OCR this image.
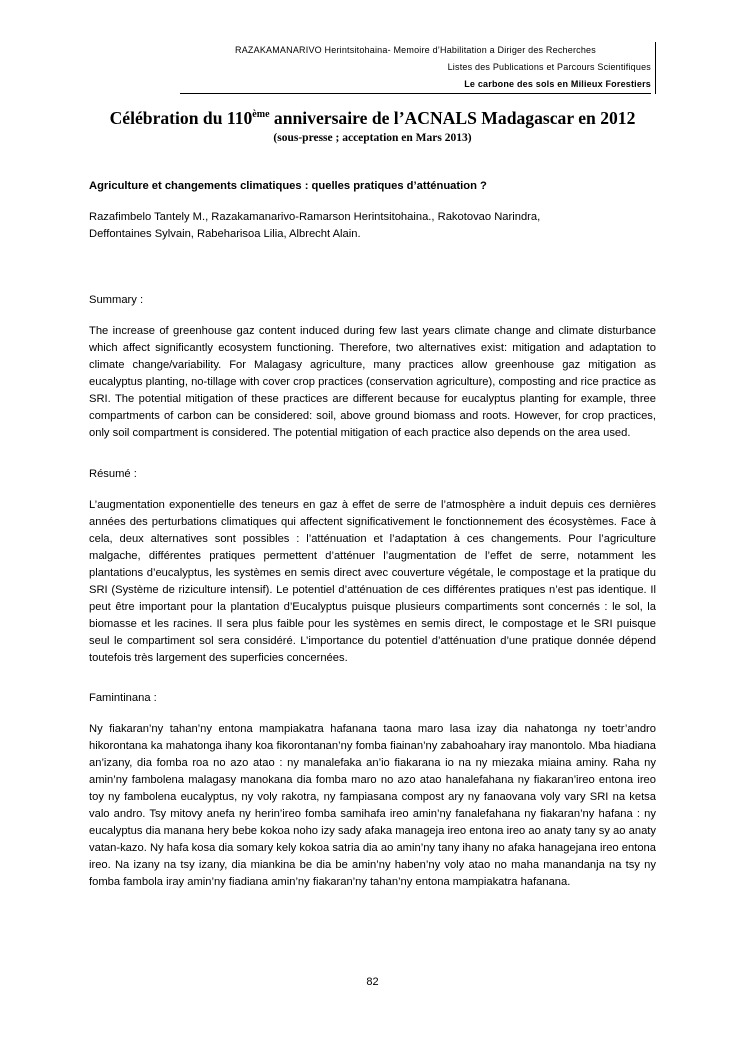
RAZAKAMANARIVO Herintsitohaina- Memoire d’Habilitation a Diriger des Recherches
Listes des Publications et Parcours Scientifiques
Le carbone des sols en Milieux Forestiers
Célébration du 110ème anniversaire de l’ACNALS Madagascar en 2012
(sous-presse ; acceptation en Mars 2013)
Agriculture et changements climatiques : quelles pratiques d’atténuation ?
Razafimbelo Tantely M., Razakamanarivo-Ramarson Herintsitohaina., Rakotovao Narindra,
Deffontaines Sylvain, Rabeharisoa Lilia, Albrecht Alain.
Summary :
The increase of greenhouse gaz content induced during few last years climate change and climate disturbance which affect significantly ecosystem functioning. Therefore, two alternatives exist: mitigation and adaptation to climate change/variability. For Malagasy agriculture, many practices allow greenhouse gaz mitigation as eucalyptus planting, no-tillage with cover crop practices (conservation agriculture), composting and rice practice as SRI. The potential mitigation of these practices are different because for eucalyptus planting for example, three compartments of carbon can be considered: soil, above ground biomass and roots. However, for crop practices, only soil compartment is considered. The potential mitigation of each practice also depends on the area used.
Résumé :
L’augmentation exponentielle des teneurs en gaz à effet de serre de l’atmosphère a induit depuis ces dernières années des perturbations climatiques qui affectent significativement le fonctionnement des écosystèmes. Face à cela, deux alternatives sont possibles : l’atténuation et l’adaptation à ces changements. Pour l’agriculture malgache, différentes pratiques permettent d’atténuer l’augmentation de l’effet de serre, notamment les plantations d’eucalyptus, les systèmes en semis direct avec couverture végétale, le compostage et la pratique du SRI (Système de riziculture intensif). Le potentiel d’atténuation de ces différentes pratiques n’est pas identique. Il peut être important pour la plantation d’Eucalyptus puisque plusieurs compartiments sont concernés : le sol, la biomasse et les racines. Il sera plus faible pour les systèmes en semis direct, le compostage et le SRI puisque seul le compartiment sol sera considéré. L’importance du potentiel d’atténuation d’une pratique donnée dépend toutefois très largement des superficies concernées.
Famintinana :
Ny fiakaran’ny tahan’ny entona mampiakatra hafanana taona maro lasa izay dia nahatonga ny toetr’andro hikorontana ka mahatonga ihany koa fikorontanan’ny fomba fiainan’ny zabahoahary iray manontolo. Mba hiadiana an’izany, dia fomba roa no azo atao : ny manalefaka an’io fiakarana io na ny miezaka miaina aminy. Raha ny amin’ny fambolena malagasy manokana dia fomba maro no azo atao hanalefahana ny fiakaran’ireo entona ireo toy ny fambolena eucalyptus, ny voly rakotra, ny fampiasana compost ary ny fanaovana voly vary SRI na ketsa valo andro. Tsy mitovy anefa ny herin’ireo fomba samihafa ireo amin’ny fanalefahana ny fiakaran’ny hafana : ny eucalyptus dia manana hery bebe kokoa noho izy sady afaka manageja ireo entona ireo ao anaty tany sy ao anaty vatan-kazo. Ny hafa kosa dia somary kely kokoa satria dia ao amin’ny tany ihany no afaka hanagejana ireo entona ireo. Na izany na tsy izany, dia miankina be dia be amin’ny haben’ny voly atao no maha manandanja na tsy ny fomba fambola iray amin’ny fiadiana amin’ny fiakaran’ny tahan’ny entona mampiakatra hafanana.
82
